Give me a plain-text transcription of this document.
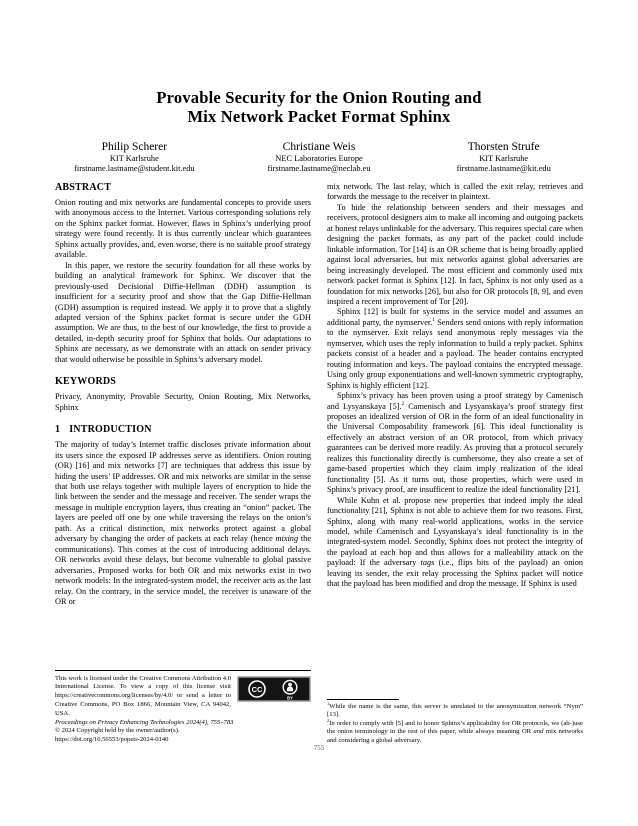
Provable Security for the Onion Routing and
Mix Network Packet Format Sphinx
Philip Scherer
KIT Karlsruhe
firstname.lastname@student.kit.edu
Christiane Weis
NEC Laboratories Europe
firstname.lastname@neclab.eu
Thorsten Strufe
KIT Karlsruhe
firstname.lastname@kit.edu
ABSTRACT

Onion routing and mix networks are fundamental concepts to provide users with anonymous access to the Internet. Various corresponding solutions rely on the Sphinx packet format. However, flaws in Sphinx’s underlying proof strategy were found recently. It is thus currently unclear which guarantees Sphinx actually provides, and, even worse, there is no suitable proof strategy available.

In this paper, we restore the security foundation for all these works by building an analytical framework for Sphinx. We discover that the previously-used Decisional Diffie-Hellman (DDH) assumption is insufficient for a security proof and show that the Gap Diffie-Hellman (GDH) assumption is required instead. We apply it to prove that a slightly adapted version of the Sphinx packet format is secure under the GDH assumption. We are thus, to the best of our knowledge, the first to provide a detailed, in-depth security proof for Sphinx that holds. Our adaptations to Sphinx are necessary, as we demonstrate with an attack on sender privacy that would otherwise be possible in Sphinx’s adversary model.

KEYWORDS

Privacy, Anonymity, Provable Security, Onion Routing, Mix Networks, Sphinx

1 INTRODUCTION

The majority of today’s Internet traffic discloses private information about its users since the exposed IP addresses serve as identifiers. Onion routing (OR) [16] and mix networks [7] are techniques that address this issue by hiding the users’ IP addresses. OR and mix networks are similar in the sense that both use relays together with multiple layers of encryption to hide the link between the sender and the message and receiver. The sender wraps the message in multiple encryption layers, thus creating an “onion” packet. The layers are peeled off one by one while traversing the relays on the onion’s path. As a critical distinction, mix networks protect against a global adversary by changing the order of packets at each relay (hence mixing the communications). This comes at the cost of introducing additional delays. OR networks avoid these delays, but become vulnerable to global passive adversaries. Proposed works for both OR and mix networks exist in two network models: In the integrated-system model, the receiver acts as the last relay. On the contrary, in the service model, the receiver is unaware of the OR or

CC
BY

This work is licensed under the Creative Commons Attribution 4.0 International License. To view a copy of this license visit https://creativecommons.org/licenses/by/4.0/ or send a letter to Creative Commons, PO Box 1866, Mountain View, CA 94042, USA.

Proceedings on Privacy Enhancing Technologies 2024(4), 755–783

© 2024 Copyright held by the owner/author(s).

https://doi.org/10.56553/popets-2024-0140

mix network. The last relay, which is called the exit relay, retrieves and forwards the message to the receiver in plaintext.

To hide the relationship between senders and their messages and receivers, protocol designers aim to make all incoming and outgoing packets at honest relays unlinkable for the adversary. This requires special care when designing the packet formats, as any part of the packet could include linkable information. Tor [14] is an OR scheme that is being broadly applied against local adversaries, but mix networks against global adversaries are being increasingly developed. The most efficient and commonly used mix network packet format is Sphinx [12]. In fact, Sphinx is not only used as a foundation for mix networks [26], but also for OR protocols [8, 9], and even inspired a recent improvement of Tor [20].

Sphinx [12] is built for systems in the service model and assumes an additional party, the nymserver.$^1$ Senders send onions with reply information to the nymserver. Exit relays send anonymous reply messages via the nymserver, which uses the reply information to build a reply packet. Sphinx packets consist of a header and a payload. The header contains encrypted routing information and keys. The payload contains the encrypted message. Using only group exponentiations and well-known symmetric cryptography, Sphinx is highly efficient [12].

Sphinx’s privacy has been proven using a proof strategy by Camenisch and Lysyanskaya [5].$^2$ Camenisch and Lysyanskaya’s proof strategy first proposes an idealized version of OR in the form of an ideal functionality in the Universal Composability framework [6]. This ideal functionality is effectively an abstract version of an OR protocol, from which privacy guarantees can be derived more readily. As proving that a protocol securely realizes this functionality directly is cumbersome, they also create a set of game-based properties which they claim imply realization of the ideal functionality [5]. As it turns out, those properties, which were used in Sphinx’s privacy proof, are insufficent to realize the ideal functionality [21].

While Kuhn et al. propose new properties that indeed imply the ideal functionality [21], Sphinx is not able to achieve them for two reasons. First, Sphinx, along with many real-world applications, works in the service model, while Camenisch and Lysyanskaya’s ideal functionality is in the integrated-system model. Secondly, Sphinx does not protect the integrity of the payload at each hop and thus allows for a malleability attack on the payload: If the adversary tags (i.e., flips bits of the payload) an onion leaving its sender, the exit relay processing the Sphinx packet will notice that the payload has been modified and drop the message. If Sphinx is used

$^1$While the name is the same, this server is unrelated to the anonymization network “Nym” [13].

$^2$In order to comply with [5] and to honor Sphinx’s applicability for OR protocols, we (ab-)use the onion terminology in the rest of this paper, while always meaning OR and mix networks and considering a global adversary.

755
